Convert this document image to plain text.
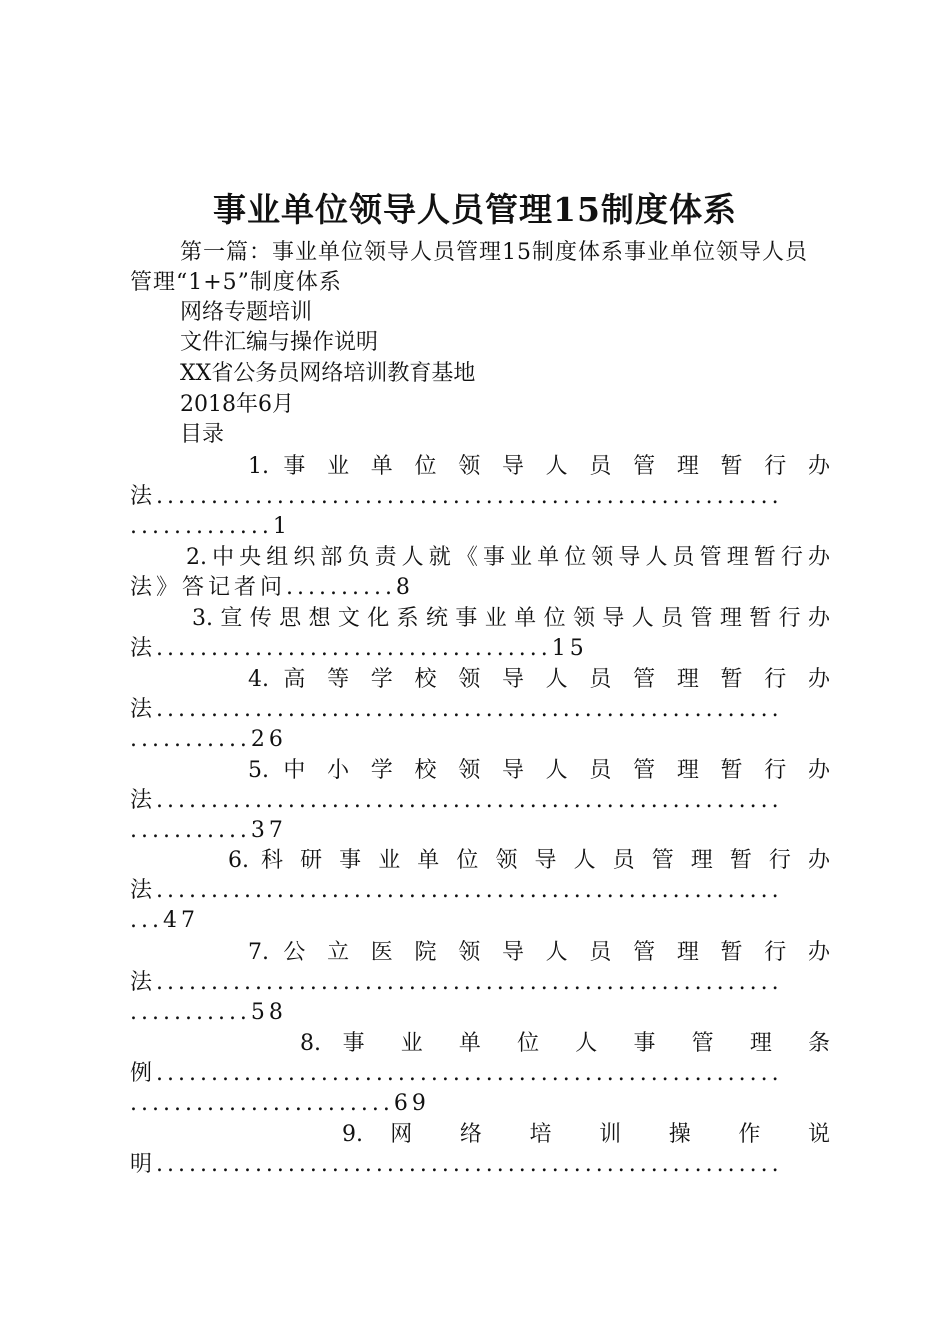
事业单位领导人员管理15制度体系

第一篇：事业单位领导人员管理15制度体系事业单位领导人员管理“1+5”制度体系

网络专题培训

文件汇编与操作说明

XX省公务员网络培训教育基地

2018年6月

目录

1. 事 业 单 位 领 导 人 员 管 理 暂 行 办
法.........................................................
.............1
2.中央组织部负责人就《事业单位领导人员管理暂行办
法》答记者问..........8
3.宣传思想文化系统事业单位领导人员管理暂行办
法....................................15
4. 高 等 学 校 领 导 人 员 管 理 暂 行 办
法.........................................................
...........26
5. 中 小 学 校 领 导 人 员 管 理 暂 行 办
法.........................................................
...........37
6. 科 研 事 业 单 位 领 导 人 员 管 理 暂 行 办
法.........................................................
...47
7. 公 立 医 院 领 导 人 员 管 理 暂 行 办
法.........................................................
...........58
8. 事 业 单 位 人 事 管 理 条
例.........................................................
........................69
9. 网 络 培 训 操 作 说
明.........................................................
